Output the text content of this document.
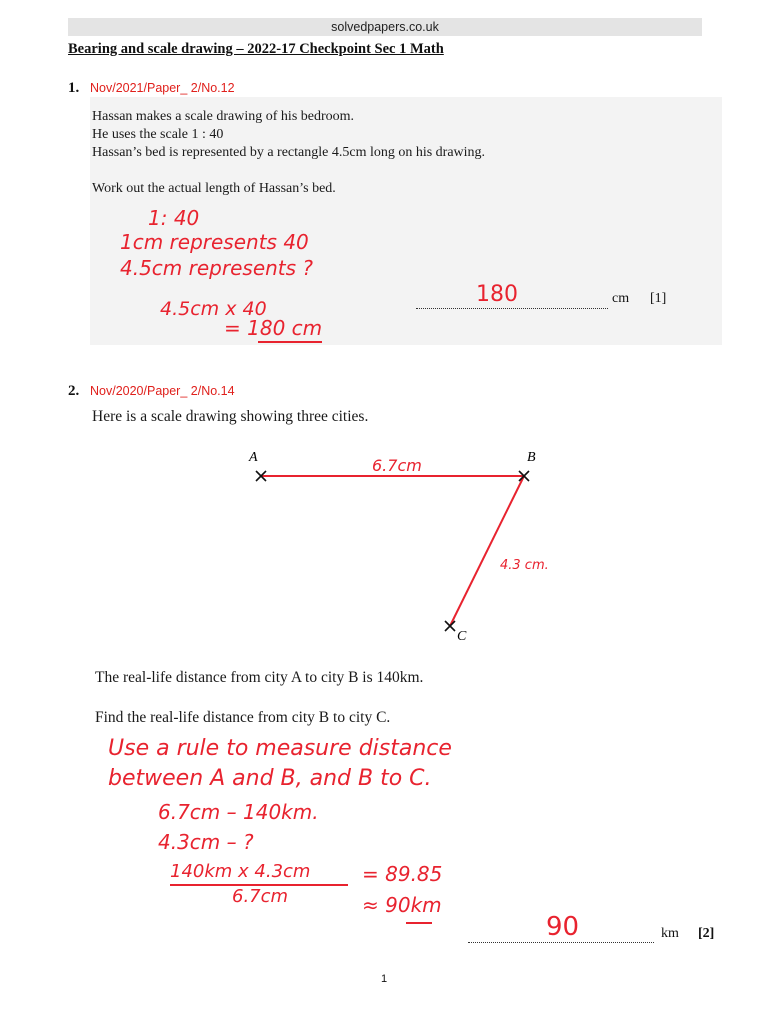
solvedpapers.co.uk
Bearing and scale drawing – 2022-17 Checkpoint Sec 1 Math
1. Nov/2021/Paper_ 2/No.12
Hassan makes a scale drawing of his bedroom.
He uses the scale 1 : 40
Hassan’s bed is represented by a rectangle 4.5cm long on his drawing.
Work out the actual length of Hassan’s bed.
1: 40
1cm represents 40
4.5cm represents ?
4.5cm x 40
= 180 cm
180	cm [1]
2. Nov/2020/Paper_ 2/No.14
Here is a scale drawing showing three cities.
A	B
C
6.7cm
4.3 cm.
The real-life distance from city A to city B is 140km.
Find the real-life distance from city B to city C.
Use a rule to measure distance
between A and B, and B to C.
6.7cm – 140km.
4.3cm – ?
140km x 4.3cm
6.7cm
= 89.85
≈ 90km
90	km [2]
1
